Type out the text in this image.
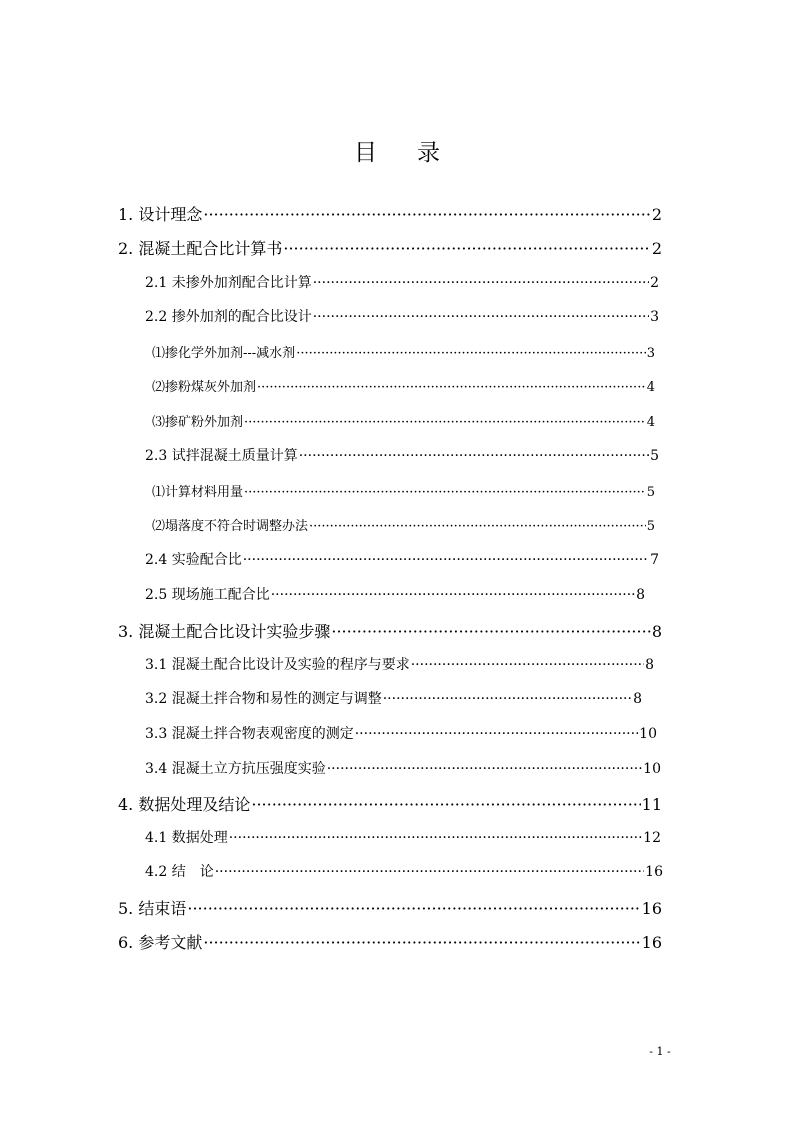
目 录
1. 设计理念 ·····	2
2. 混凝土配合比计算书 ·····	2
2.1 未掺外加剂配合比计算 ·····	2
2.2 掺外加剂的配合比设计 ·····	3
⑴掺化学外加剂---减水剂 ·····	3
⑵掺粉煤灰外加剂 ·····	4
⑶掺矿粉外加剂 ·····	4
2.3 试拌混凝土质量计算 ·····	5
⑴计算材料用量 ·····	5
⑵塌落度不符合时调整办法 ·····	5
2.4 实验配合比 ·····	7
2.5 现场施工配合比 ·····	8
3. 混凝土配合比设计实验步骤 ·····	8
3.1 混凝土配合比设计及实验的程序与要求 ·····	8
3.2 混凝土拌合物和易性的测定与调整 ·····	8
3.3 混凝土拌合物表观密度的测定 ·····	10
3.4 混凝土立方抗压强度实验 ·····	10
4. 数据处理及结论 ·····	11
4.1 数据处理 ·····	12
4.2 结　论 ·····	16
5. 结束语 ·····	16
6. 参考文献 ·····	16
- 1 -
